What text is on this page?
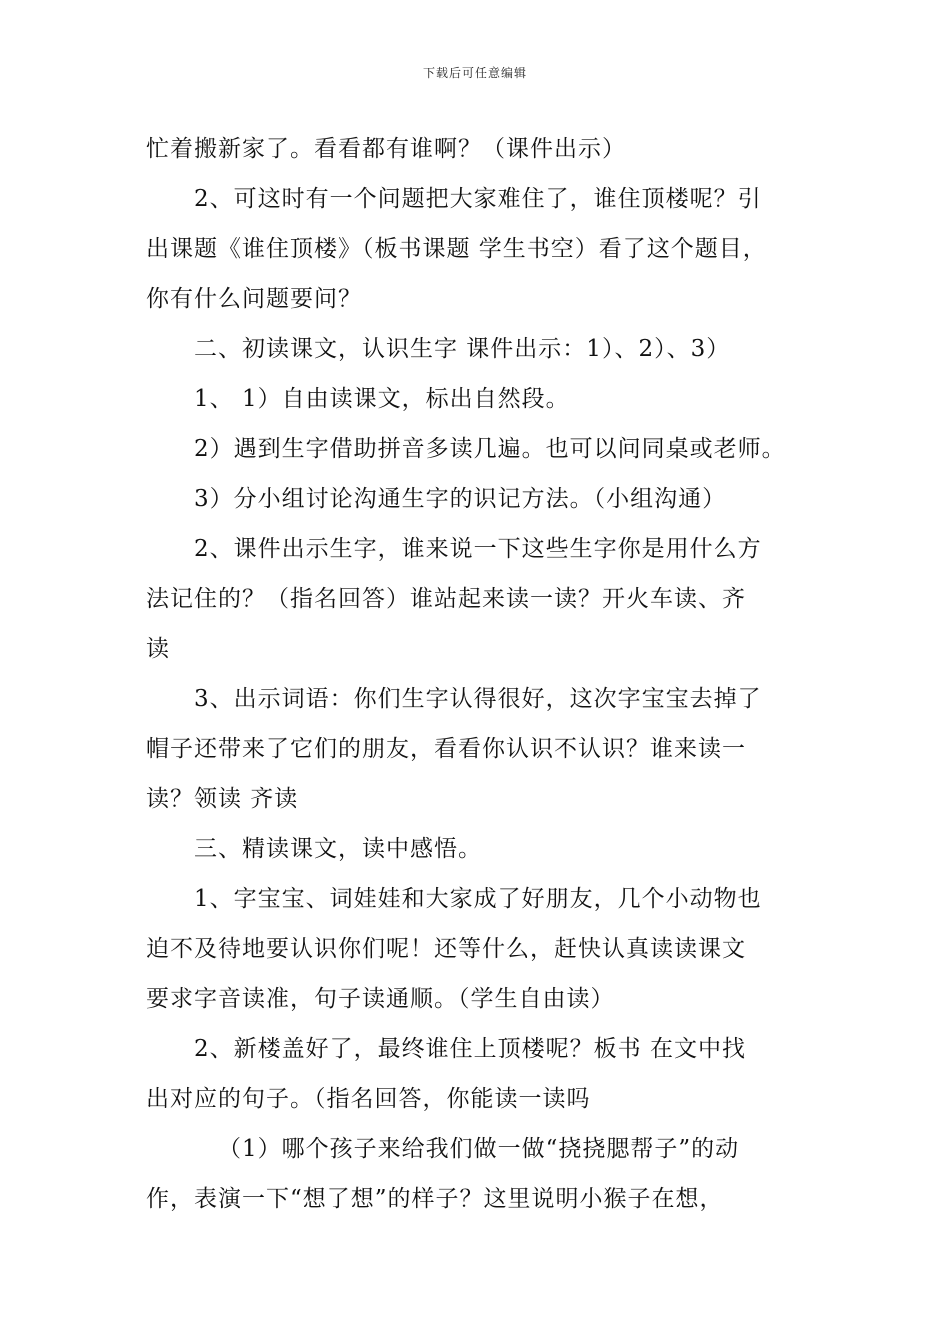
下载后可任意编辑
忙着搬新家了。看看都有谁啊？（课件出示）
2、可这时有一个问题把大家难住了，谁住顶楼呢？引
出课题《谁住顶楼》（板书课题 学生书空）看了这个题目，
你有什么问题要问？
二、初读课文，认识生字 课件出示：1）、2）、3）
1、 1）自由读课文，标出自然段。
2）遇到生字借助拼音多读几遍。也可以问同桌或老师。
3）分小组讨论沟通生字的识记方法。（小组沟通）
2、课件出示生字，谁来说一下这些生字你是用什么方
法记住的？（指名回答）谁站起来读一读？开火车读、齐
读
3、出示词语：你们生字认得很好，这次字宝宝去掉了
帽子还带来了它们的朋友，看看你认识不认识？谁来读一
读？领读 齐读
三、精读课文，读中感悟。
1、字宝宝、词娃娃和大家成了好朋友，几个小动物也
迫不及待地要认识你们呢！还等什么，赶快认真读读课文
要求字音读准，句子读通顺。（学生自由读）
2、新楼盖好了，最终谁住上顶楼呢？板书 在文中找
出对应的句子。（指名回答，你能读一读吗
（1）哪个孩子来给我们做一做“挠挠腮帮子”的动
作，表演一下“想了想”的样子？这里说明小猴子在想，
